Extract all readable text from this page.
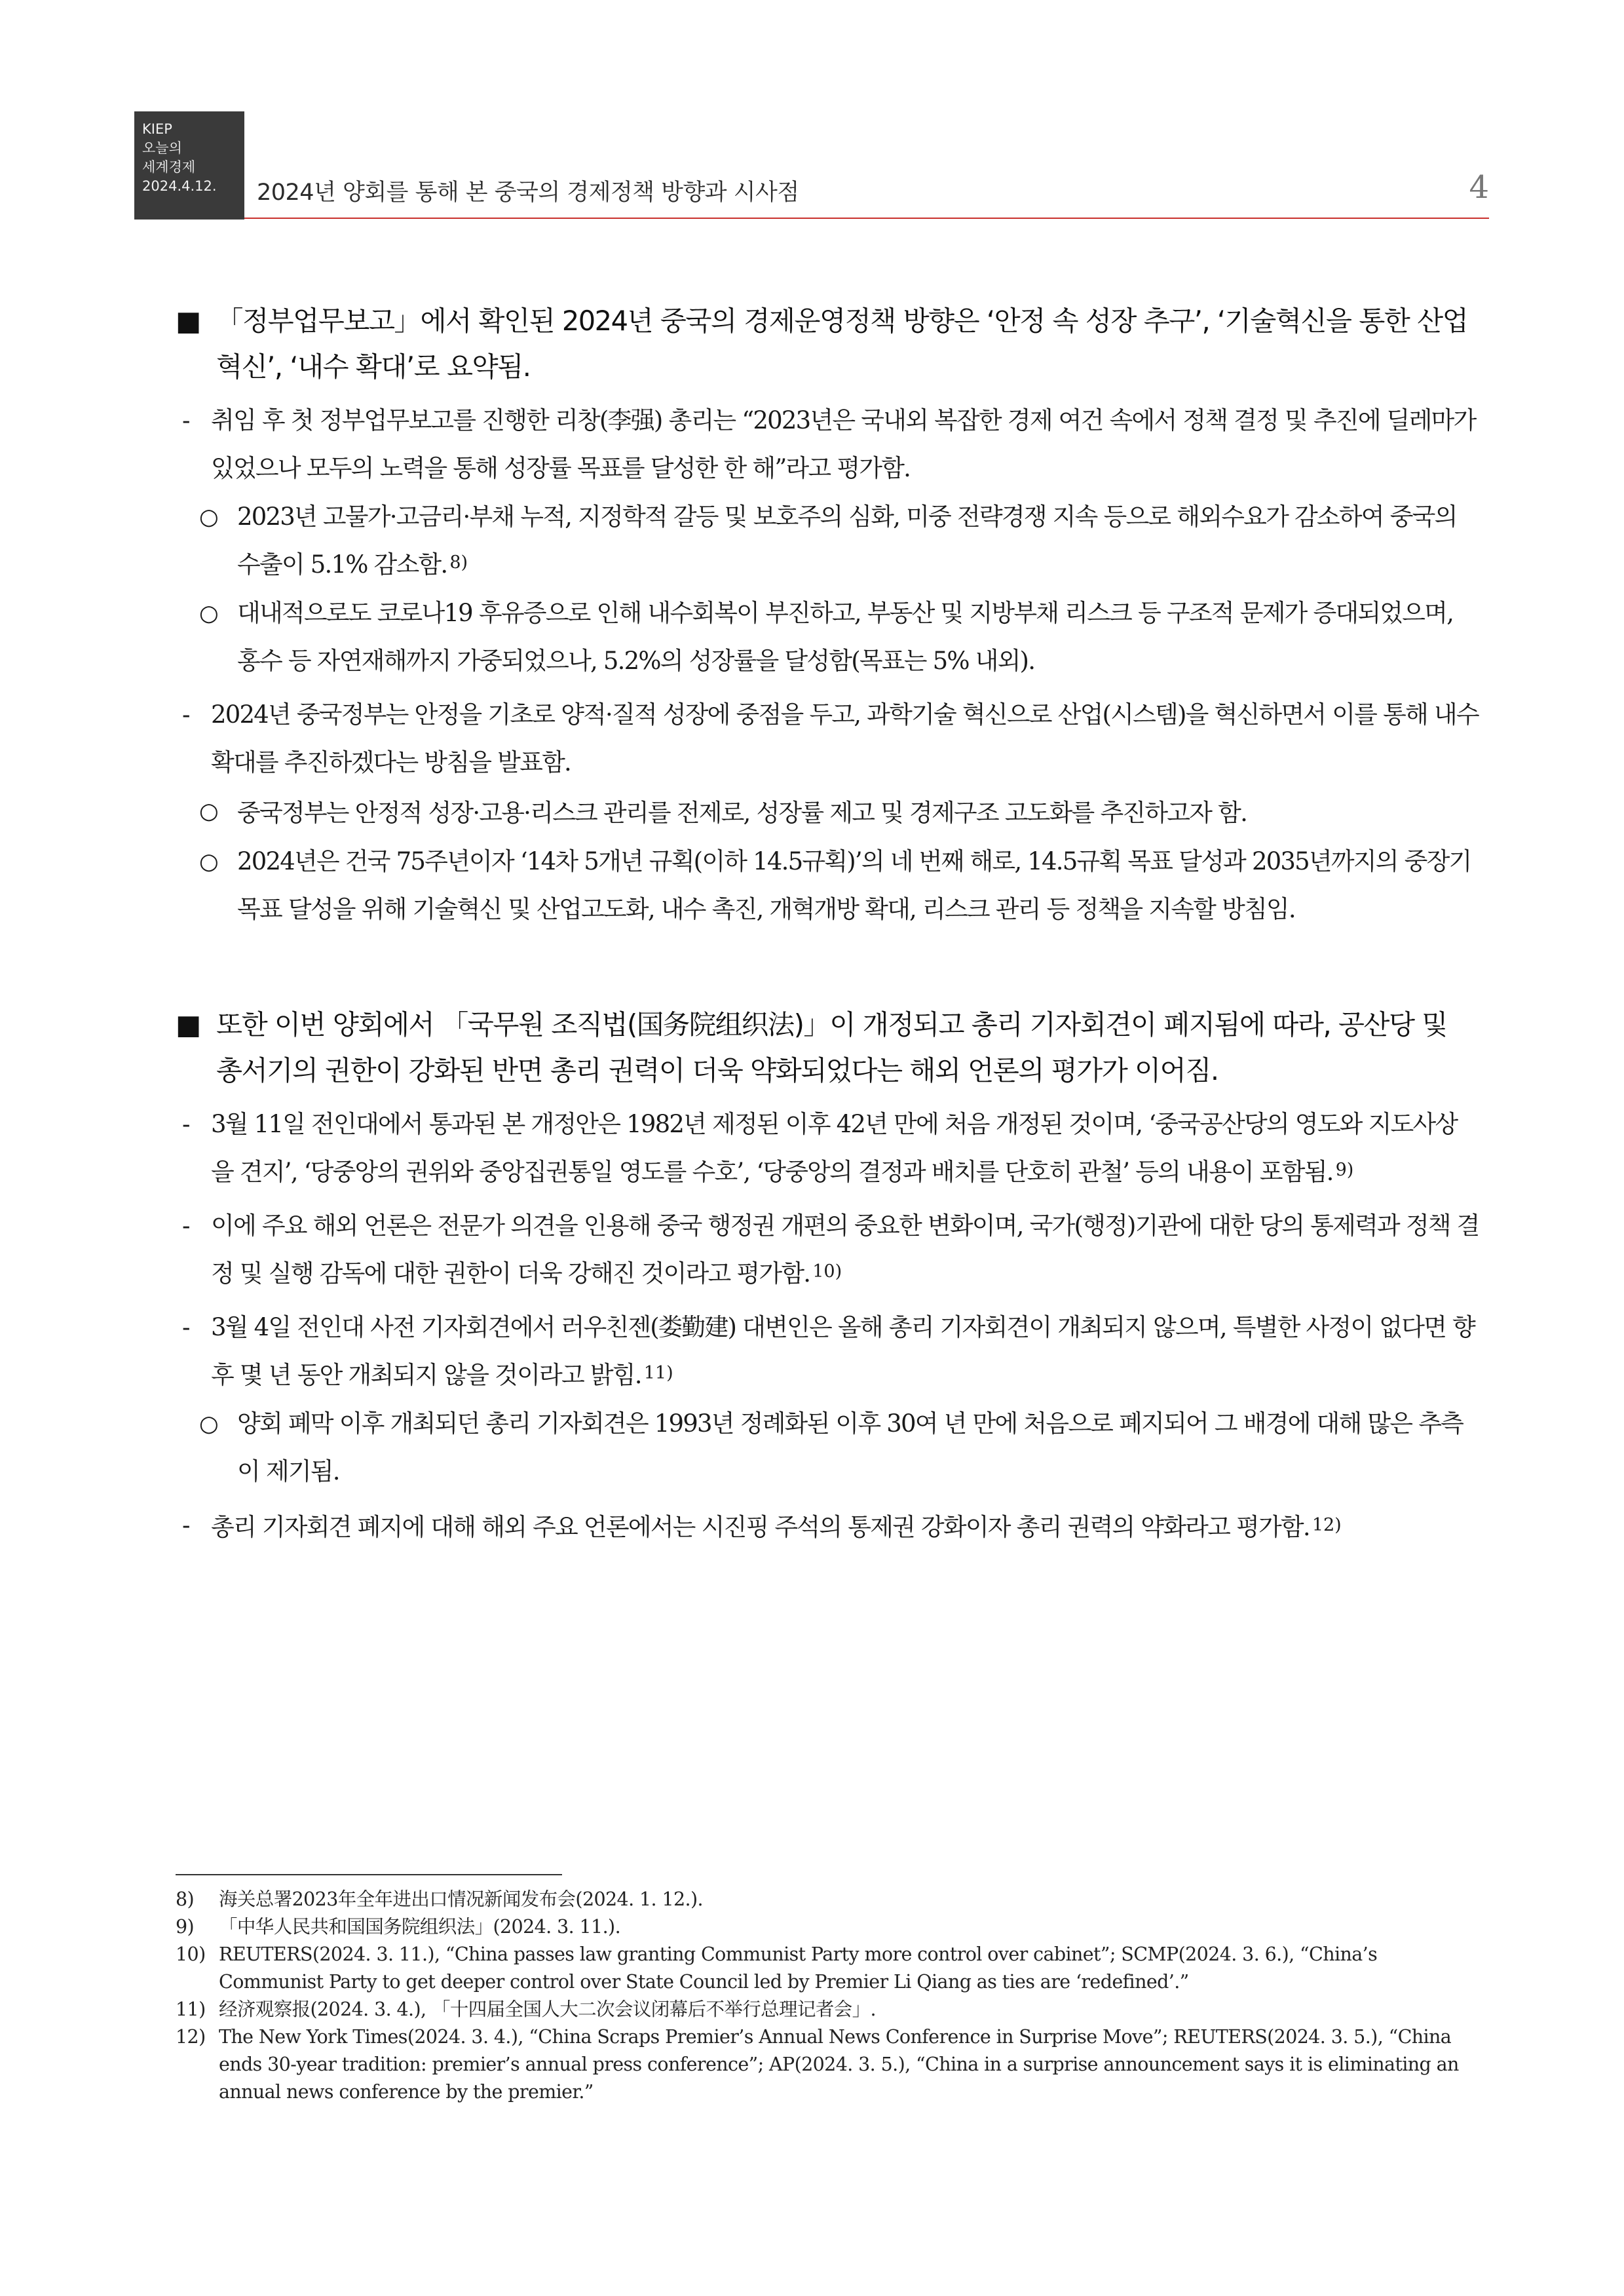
KIEP
오늘의
세계경제
2024.4.12.	2024년 양회를 통해 본 중국의 경제정책 방향과 시사점	4
■ 「정부업무보고」에서 확인된 2024년 중국의 경제운영정책 방향은 ‘안정 속 성장 추구’, ‘기술혁신을 통한 산업혁신’, ‘내수 확대’로 요약됨.
- 취임 후 첫 정부업무보고를 진행한 리창(李强) 총리는 “2023년은 국내외 복잡한 경제 여건 속에서 정책 결정 및 추진에 딜레마가 있었으나 모두의 노력을 통해 성장률 목표를 달성한 한 해”라고 평가함.
○ 2023년 고물가·고금리·부채 누적, 지정학적 갈등 및 보호주의 심화, 미중 전략경쟁 지속 등으로 해외수요가 감소하여 중국의 수출이 5.1% 감소함. $^{8)}$
○ 대내적으로도 코로나19 후유증으로 인해 내수회복이 부진하고, 부동산 및 지방부채 리스크 등 구조적 문제가 증대되었으며, 홍수 등 자연재해까지 가중되었으나, 5.2%의 성장률을 달성함(목표는 5% 내외).
- 2024년 중국정부는 안정을 기초로 양적·질적 성장에 중점을 두고, 과학기술 혁신으로 산업(시스템)을 혁신하면서 이를 통해 내수 확대를 추진하겠다는 방침을 발표함.
○ 중국정부는 안정적 성장·고용·리스크 관리를 전제로, 성장률 제고 및 경제구조 고도화를 추진하고자 함.
○ 2024년은 건국 75주년이자 ‘14차 5개년 규획(이하 14.5규획)’의 네 번째 해로, 14.5규획 목표 달성과 2035년까지의 중장기 목표 달성을 위해 기술혁신 및 산업고도화, 내수 촉진, 개혁개방 확대, 리스크 관리 등 정책을 지속할 방침임.
■ 또한 이번 양회에서 「국무원 조직법(国务院组织法)」이 개정되고 총리 기자회견이 폐지됨에 따라, 공산당 및 총서기의 권한이 강화된 반면 총리 권력이 더욱 약화되었다는 해외 언론의 평가가 이어짐.
- 3월 11일 전인대에서 통과된 본 개정안은 1982년 제정된 이후 42년 만에 처음 개정된 것이며, ‘중국공산당의 영도와 지도사상을 견지’, ‘당중앙의 권위와 중앙집권통일 영도를 수호’, ‘당중앙의 결정과 배치를 단호히 관철’ 등의 내용이 포함됨. $^{9)}$
- 이에 주요 해외 언론은 전문가 의견을 인용해 중국 행정권 개편의 중요한 변화이며, 국가(행정)기관에 대한 당의 통제력과 정책 결정 및 실행 감독에 대한 권한이 더욱 강해진 것이라고 평가함. $^{10)}$
- 3월 4일 전인대 사전 기자회견에서 러우친젠(娄勤建) 대변인은 올해 총리 기자회견이 개최되지 않으며, 특별한 사정이 없다면 향후 몇 년 동안 개최되지 않을 것이라고 밝힘. $^{11)}$
○ 양회 폐막 이후 개최되던 총리 기자회견은 1993년 정례화된 이후 30여 년 만에 처음으로 폐지되어 그 배경에 대해 많은 추측이 제기됨.
- 총리 기자회견 폐지에 대해 해외 주요 언론에서는 시진핑 주석의 통제권 강화이자 총리 권력의 약화라고 평가함. $^{12)}$
8) 海关总署2023年全年进出口情况新闻发布会(2024. 1. 12.).
9) 「中华人民共和国国务院组织法」(2024. 3. 11.).
10) REUTERS(2024. 3. 11.), “China passes law granting Communist Party more control over cabinet”; SCMP(2024. 3. 6.), “China’s Communist Party to get deeper control over State Council led by Premier Li Qiang as ties are ‘redefined’.”
11) 经济观察报(2024. 3. 4.), 「十四届全国人大二次会议闭幕后不举行总理记者会」.
12) The New York Times(2024. 3. 4.), “China Scraps Premier’s Annual News Conference in Surprise Move”; REUTERS(2024. 3. 5.), “China ends 30-year tradition: premier’s annual press conference”; AP(2024. 3. 5.), “China in a surprise announcement says it is eliminating an annual news conference by the premier.”
